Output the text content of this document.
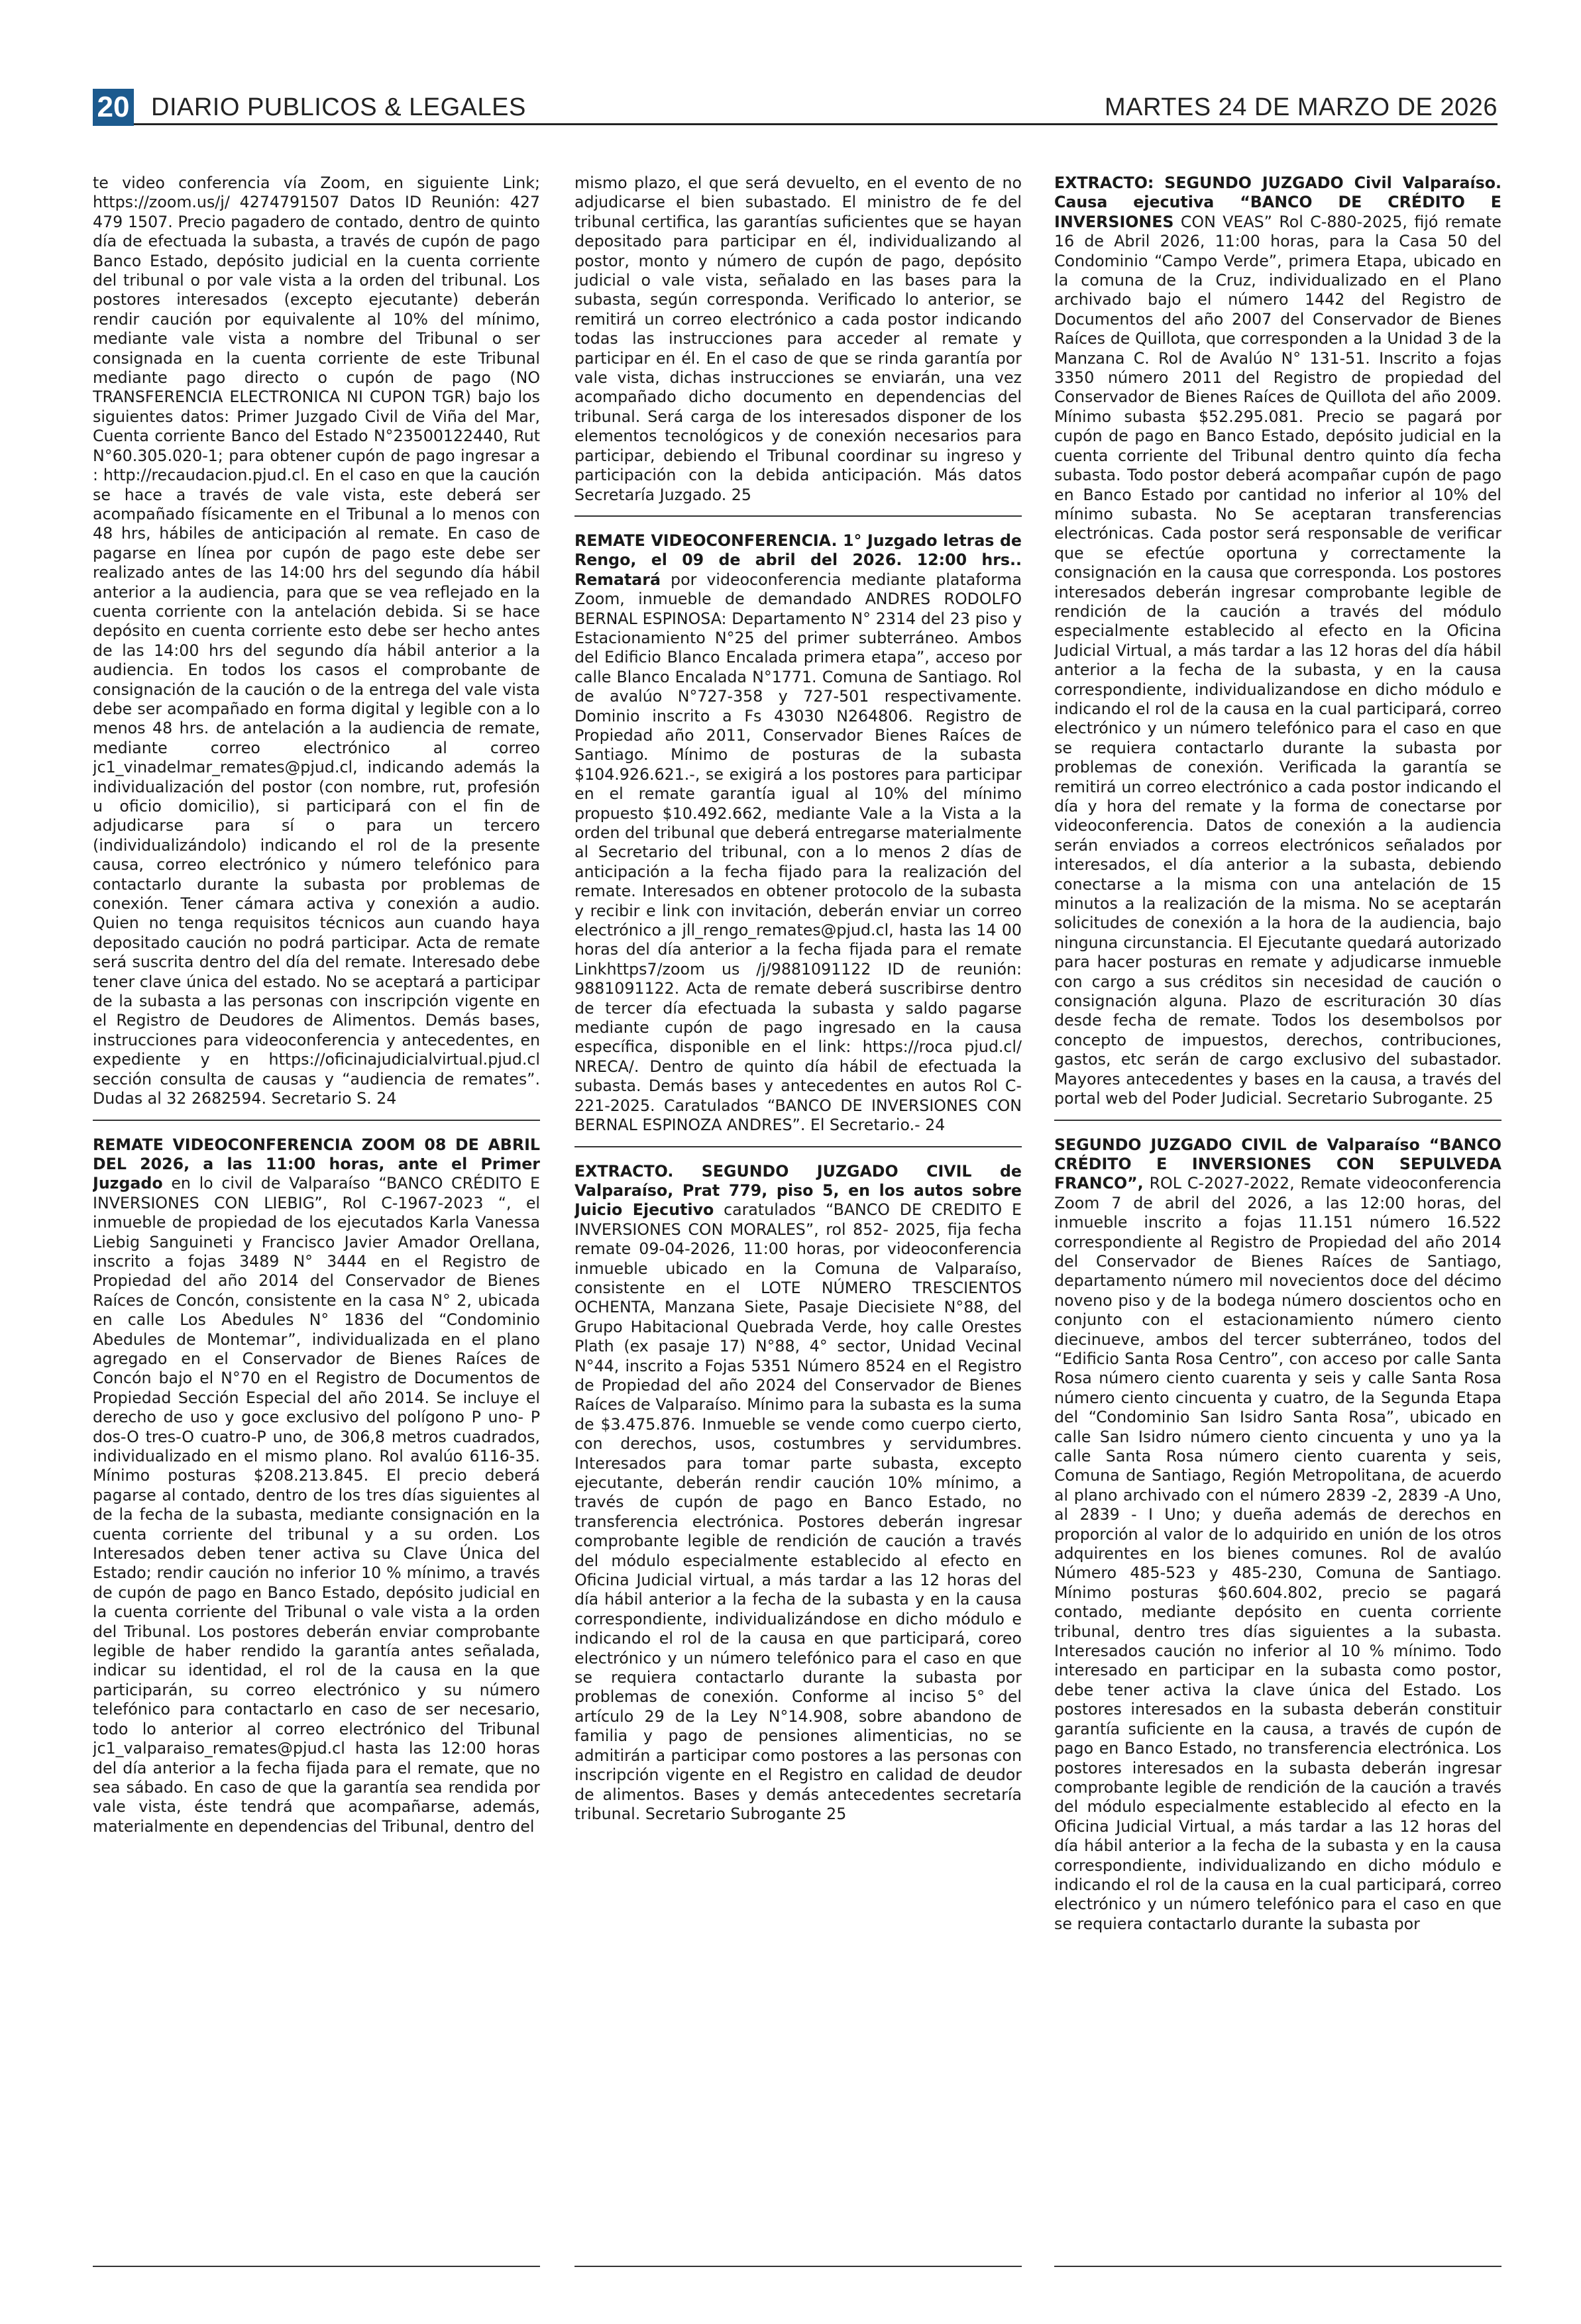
20 DIARIO PUBLICOS & LEGALES	MARTES 24 DE MARZO DE 2026

te video conferencia vía Zoom, en siguiente Link; https://zoom.us/j/ 4274791507 Datos ID Reunión: 427 479 1507. Precio pagadero de contado, dentro de quinto día de efectuada la subasta, a través de cupón de pago Banco Estado, depósito judicial en la cuenta corriente del tribunal o por vale vista a la orden del tribunal. Los postores interesados (excepto ejecutante) deberán rendir caución por equivalente al 10% del mínimo, mediante vale vista a nombre del Tribunal o ser consignada en la cuenta corriente de este Tribunal mediante pago directo o cupón de pago (NO TRANSFERENCIA ELECTRONICA NI CUPON TGR) bajo los siguientes datos: Primer Juzgado Civil de Viña del Mar, Cuenta corriente Banco del Estado N°23500122440, Rut N°60.305.020-1; para obtener cupón de pago ingresar a : http://recaudacion.pjud.cl. En el caso en que la caución se hace a través de vale vista, este deberá ser acompañado físicamente en el Tribunal a lo menos con 48 hrs, hábiles de anticipación al remate. En caso de pagarse en línea por cupón de pago este debe ser realizado antes de las 14:00 hrs del segundo día hábil anterior a la audiencia, para que se vea reflejado en la cuenta corriente con la antelación debida. Si se hace depósito en cuenta corriente esto debe ser hecho antes de las 14:00 hrs del segundo día hábil anterior a la audiencia. En todos los casos el comprobante de consignación de la caución o de la entrega del vale vista debe ser acompañado en forma digital y legible con a lo menos 48 hrs. de antelación a la audiencia de remate, mediante correo electrónico al correo jc1_vinadelmar_remates@pjud.cl, indicando además la individualización del postor (con nombre, rut, profesión u oficio domicilio), si participará con el fin de adjudicarse para sí o para un tercero (individualizándolo) indicando el rol de la presente causa, correo electrónico y número telefónico para contactarlo durante la subasta por problemas de conexión. Tener cámara activa y conexión a audio. Quien no tenga requisitos técnicos aun cuando haya depositado caución no podrá participar. Acta de remate será suscrita dentro del día del remate. Interesado debe tener clave única del estado. No se aceptará a participar de la subasta a las personas con inscripción vigente en el Registro de Deudores de Alimentos. Demás bases, instrucciones para videoconferencia y antecedentes, en expediente y en https://oficinajudicialvirtual.pjud.cl sección consulta de causas y “audiencia de remates”. Dudas al 32 2682594. Secretario S. 24

REMATE VIDEOCONFERENCIA ZOOM 08 DE ABRIL DEL 2026, a las 11:00 horas, ante el Primer Juzgado en lo civil de Valparaíso “BANCO CRÉDITO E INVERSIONES CON LIEBIG”, Rol C-1967-2023 “, el inmueble de propiedad de los ejecutados Karla Vanessa Liebig Sanguineti y Francisco Javier Amador Orellana, inscrito a fojas 3489 N° 3444 en el Registro de Propiedad del año 2014 del Conservador de Bienes Raíces de Concón, consistente en la casa N° 2, ubicada en calle Los Abedules N° 1836 del “Condominio Abedules de Montemar”, individualizada en el plano agregado en el Conservador de Bienes Raíces de Concón bajo el N°70 en el Registro de Documentos de Propiedad Sección Especial del año 2014. Se incluye el derecho de uso y goce exclusivo del polígono P uno- P dos-O tres-O cuatro-P uno, de 306,8 metros cuadrados, individualizado en el mismo plano. Rol avalúo 6116-35. Mínimo posturas $208.213.845. El precio deberá pagarse al contado, dentro de los tres días siguientes al de la fecha de la subasta, mediante consignación en la cuenta corriente del tribunal y a su orden. Los Interesados deben tener activa su Clave Única del Estado; rendir caución no inferior 10 % mínimo, a través de cupón de pago en Banco Estado, depósito judicial en la cuenta corriente del Tribunal o vale vista a la orden del Tribunal. Los postores deberán enviar comprobante legible de haber rendido la garantía antes señalada, indicar su identidad, el rol de la causa en la que participarán, su correo electrónico y su número telefónico para contactarlo en caso de ser necesario, todo lo anterior al correo electrónico del Tribunal jc1_valparaiso_remates@pjud.cl hasta las 12:00 horas del día anterior a la fecha fijada para el remate, que no sea sábado. En caso de que la garantía sea rendida por vale vista, éste tendrá que acompañarse, además, materialmente en dependencias del Tribunal, dentro del

mismo plazo, el que será devuelto, en el evento de no adjudicarse el bien subastado. El ministro de fe del tribunal certifica, las garantías suficientes que se hayan depositado para participar en él, individualizando al postor, monto y número de cupón de pago, depósito judicial o vale vista, señalado en las bases para la subasta, según corresponda. Verificado lo anterior, se remitirá un correo electrónico a cada postor indicando todas las instrucciones para acceder al remate y participar en él. En el caso de que se rinda garantía por vale vista, dichas instrucciones se enviarán, una vez acompañado dicho documento en dependencias del tribunal. Será carga de los interesados disponer de los elementos tecnológicos y de conexión necesarios para participar, debiendo el Tribunal coordinar su ingreso y participación con la debida anticipación. Más datos Secretaría Juzgado. 25

REMATE VIDEOCONFERENCIA. 1° Juzgado letras de Rengo, el 09 de abril del 2026. 12:00 hrs.. Rematará por videoconferencia mediante plataforma Zoom, inmueble de demandado ANDRES RODOLFO BERNAL ESPINOSA: Departamento N° 2314 del 23 piso y Estacionamiento N°25 del primer subterráneo. Ambos del Edificio Blanco Encalada primera etapa”, acceso por calle Blanco Encalada N°1771. Comuna de Santiago. Rol de avalúo N°727-358 y 727-501 respectivamente. Dominio inscrito a Fs 43030 N264806. Registro de Propiedad año 2011, Conservador Bienes Raíces de Santiago. Mínimo de posturas de la subasta $104.926.621.-, se exigirá a los postores para participar en el remate garantía igual al 10% del mínimo propuesto $10.492.662, mediante Vale a la Vista a la orden del tribunal que deberá entregarse materialmente al Secretario del tribunal, con a lo menos 2 días de anticipación a la fecha fijado para la realización del remate. Interesados en obtener protocolo de la subasta y recibir e link con invitación, deberán enviar un correo electrónico a jll_rengo_remates@pjud.cl, hasta las 14 00 horas del día anterior a la fecha fijada para el remate Linkhttps7/zoom us /j/9881091122 ID de reunión: 9881091122. Acta de remate deberá suscribirse dentro de tercer día efectuada la subasta y saldo pagarse mediante cupón de pago ingresado en la causa específica, disponible en el link: https://roca pjud.cl/ NRECA/. Dentro de quinto día hábil de efectuada la subasta. Demás bases y antecedentes en autos Rol C-221-2025. Caratulados “BANCO DE INVERSIONES CON BERNAL ESPINOZA ANDRES”. El Secretario.- 24

EXTRACTO. SEGUNDO JUZGADO CIVIL de Valparaíso, Prat 779, piso 5, en los autos sobre Juicio Ejecutivo caratulados “BANCO DE CREDITO E INVERSIONES CON MORALES”, rol 852- 2025, fija fecha remate 09-04-2026, 11:00 horas, por videoconferencia inmueble ubicado en la Comuna de Valparaíso, consistente en el LOTE NÚMERO TRESCIENTOS OCHENTA, Manzana Siete, Pasaje Diecisiete N°88, del Grupo Habitacional Quebrada Verde, hoy calle Orestes Plath (ex pasaje 17) N°88, 4° sector, Unidad Vecinal N°44, inscrito a Fojas 5351 Número 8524 en el Registro de Propiedad del año 2024 del Conservador de Bienes Raíces de Valparaíso. Mínimo para la subasta es la suma de $3.475.876. Inmueble se vende como cuerpo cierto, con derechos, usos, costumbres y servidumbres. Interesados para tomar parte subasta, excepto ejecutante, deberán rendir caución 10% mínimo, a través de cupón de pago en Banco Estado, no transferencia electrónica. Postores deberán ingresar comprobante legible de rendición de caución a través del módulo especialmente establecido al efecto en Oficina Judicial virtual, a más tardar a las 12 horas del día hábil anterior a la fecha de la subasta y en la causa correspondiente, individualizándose en dicho módulo e indicando el rol de la causa en que participará, coreo electrónico y un número telefónico para el caso en que se requiera contactarlo durante la subasta por problemas de conexión. Conforme al inciso 5° del artículo 29 de la Ley N°14.908, sobre abandono de familia y pago de pensiones alimenticias, no se admitirán a participar como postores a las personas con inscripción vigente en el Registro en calidad de deudor de alimentos. Bases y demás antecedentes secretaría tribunal. Secretario Subrogante 25

EXTRACTO: SEGUNDO JUZGADO Civil Valparaíso. Causa ejecutiva “BANCO DE CRÉDITO E INVERSIONES CON VEAS” Rol C-880-2025, fijó remate 16 de Abril 2026, 11:00 horas, para la Casa 50 del Condominio “Campo Verde”, primera Etapa, ubicado en la comuna de la Cruz, individualizado en el Plano archivado bajo el número 1442 del Registro de Documentos del año 2007 del Conservador de Bienes Raíces de Quillota, que corresponden a la Unidad 3 de la Manzana C. Rol de Avalúo N° 131-51. Inscrito a fojas 3350 número 2011 del Registro de propiedad del Conservador de Bienes Raíces de Quillota del año 2009. Mínimo subasta $52.295.081. Precio se pagará por cupón de pago en Banco Estado, depósito judicial en la cuenta corriente del Tribunal dentro quinto día fecha subasta. Todo postor deberá acompañar cupón de pago en Banco Estado por cantidad no inferior al 10% del mínimo subasta. No Se aceptaran transferencias electrónicas. Cada postor será responsable de verificar que se efectúe oportuna y correctamente la consignación en la causa que corresponda. Los postores interesados deberán ingresar comprobante legible de rendición de la caución a través del módulo especialmente establecido al efecto en la Oficina Judicial Virtual, a más tardar a las 12 horas del día hábil anterior a la fecha de la subasta, y en la causa correspondiente, individualizandose en dicho módulo e indicando el rol de la causa en la cual participará, correo electrónico y un número telefónico para el caso en que se requiera contactarlo durante la subasta por problemas de conexión. Verificada la garantía se remitirá un correo electrónico a cada postor indicando el día y hora del remate y la forma de conectarse por videoconferencia. Datos de conexión a la audiencia serán enviados a correos electrónicos señalados por interesados, el día anterior a la subasta, debiendo conectarse a la misma con una antelación de 15 minutos a la realización de la misma. No se aceptarán solicitudes de conexión a la hora de la audiencia, bajo ninguna circunstancia. El Ejecutante quedará autorizado para hacer posturas en remate y adjudicarse inmueble con cargo a sus créditos sin necesidad de caución o consignación alguna. Plazo de escrituración 30 días desde fecha de remate. Todos los desembolsos por concepto de impuestos, derechos, contribuciones, gastos, etc serán de cargo exclusivo del subastador. Mayores antecedentes y bases en la causa, a través del portal web del Poder Judicial. Secretario Subrogante. 25

SEGUNDO JUZGADO CIVIL de Valparaíso “BANCO CRÉDITO E INVERSIONES CON SEPULVEDA FRANCO”, ROL C-2027-2022, Remate videoconferencia Zoom 7 de abril del 2026, a las 12:00 horas, del inmueble inscrito a fojas 11.151 número 16.522 correspondiente al Registro de Propiedad del año 2014 del Conservador de Bienes Raíces de Santiago, departamento número mil novecientos doce del décimo noveno piso y de la bodega número doscientos ocho en conjunto con el estacionamiento número ciento diecinueve, ambos del tercer subterráneo, todos del “Edificio Santa Rosa Centro”, con acceso por calle Santa Rosa número ciento cuarenta y seis y calle Santa Rosa número ciento cincuenta y cuatro, de la Segunda Etapa del “Condominio San Isidro Santa Rosa”, ubicado en calle San Isidro número ciento cincuenta y uno ya la calle Santa Rosa número ciento cuarenta y seis, Comuna de Santiago, Región Metropolitana, de acuerdo al plano archivado con el número 2839 -2, 2839 -A Uno, al 2839 - I Uno; y dueña además de derechos en proporción al valor de lo adquirido en unión de los otros adquirentes en los bienes comunes. Rol de avalúo Número 485-523 y 485-230, Comuna de Santiago. Mínimo posturas $60.604.802, precio se pagará contado, mediante depósito en cuenta corriente tribunal, dentro tres días siguientes a la subasta. Interesados caución no inferior al 10 % mínimo. Todo interesado en participar en la subasta como postor, debe tener activa la clave única del Estado. Los postores interesados en la subasta deberán constituir garantía suficiente en la causa, a través de cupón de pago en Banco Estado, no transferencia electrónica. Los postores interesados en la subasta deberán ingresar comprobante legible de rendición de la caución a través del módulo especialmente establecido al efecto en la Oficina Judicial Virtual, a más tardar a las 12 horas del día hábil anterior a la fecha de la subasta y en la causa correspondiente, individualizando en dicho módulo e indicando el rol de la causa en la cual participará, correo electrónico y un número telefónico para el caso en que se requiera contactarlo durante la subasta por
